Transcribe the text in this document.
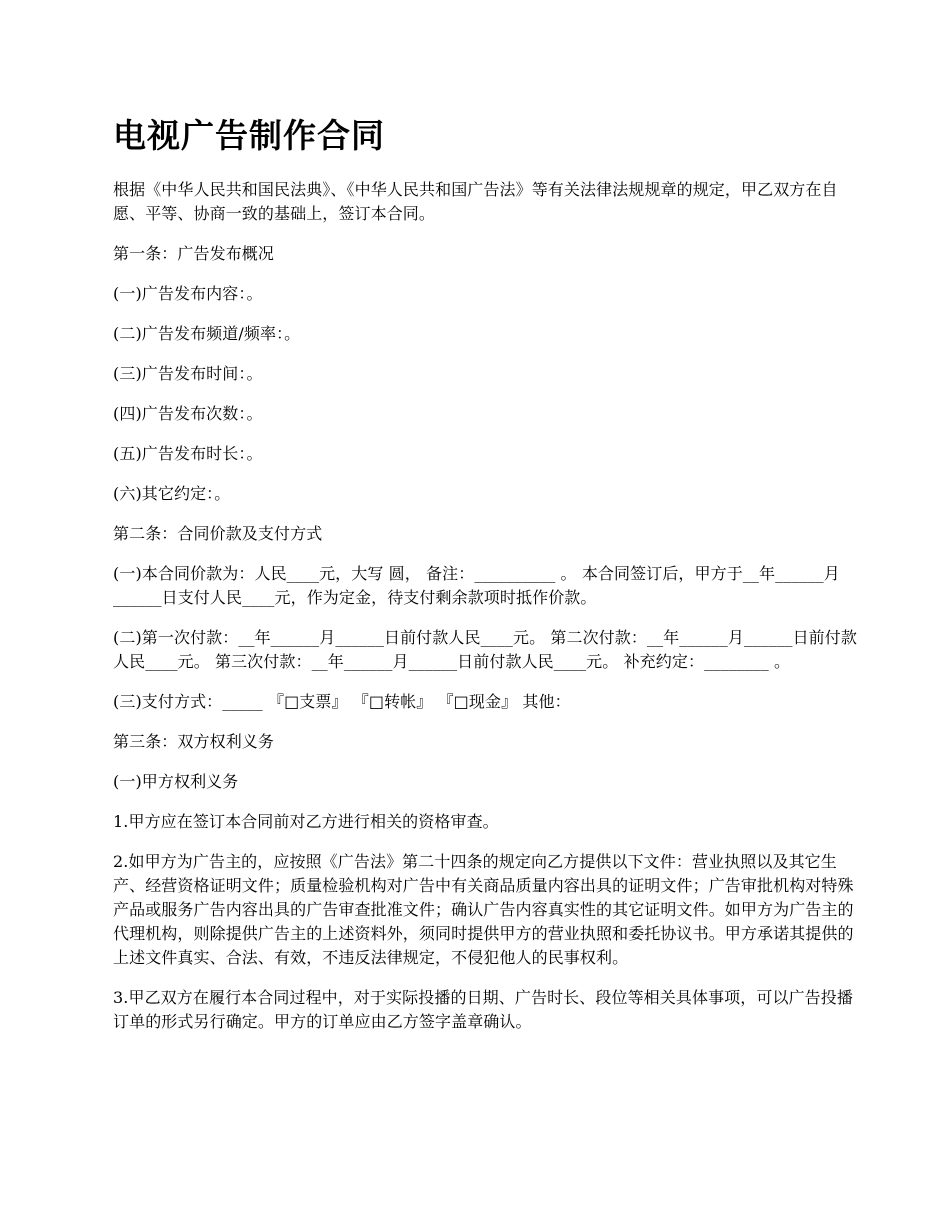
电视广告制作合同

根据《中华人民共和国民法典》、《中华人民共和国广告法》等有关法律法规规章的规定，甲乙双方在自愿、平等、协商一致的基础上，签订本合同。

第一条：广告发布概况

(一)广告发布内容：。

(二)广告发布频道/频率：。

(三)广告发布时间：。

(四)广告发布次数：。

(五)广告发布时长：。

(六)其它约定：。

第二条：合同价款及支付方式

(一)本合同价款为：人民____元，大写 圆， 备注：__________ 。 本合同签订后，甲方于__年______月______日支付人民____元，作为定金，待支付剩余款项时抵作价款。

(二)第一次付款：__年______月______日前付款人民____元。 第二次付款：__年______月______日前付款人民____元。 第三次付款：__年______月______日前付款人民____元。 补充约定：________ 。

(三)支付方式：_____ 『□支票』 『□转帐』 『□现金』 其他：

第三条：双方权利义务

(一)甲方权利义务

1.甲方应在签订本合同前对乙方进行相关的资格审查。

2.如甲方为广告主的，应按照《广告法》第二十四条的规定向乙方提供以下文件：营业执照以及其它生产、经营资格证明文件；质量检验机构对广告中有关商品质量内容出具的证明文件；广告审批机构对特殊产品或服务广告内容出具的广告审查批准文件；确认广告内容真实性的其它证明文件。如甲方为广告主的代理机构，则除提供广告主的上述资料外，须同时提供甲方的营业执照和委托协议书。甲方承诺其提供的上述文件真实、合法、有效，不违反法律规定，不侵犯他人的民事权利。

3.甲乙双方在履行本合同过程中，对于实际投播的日期、广告时长、段位等相关具体事项，可以广告投播订单的形式另行确定。甲方的订单应由乙方签字盖章确认。
